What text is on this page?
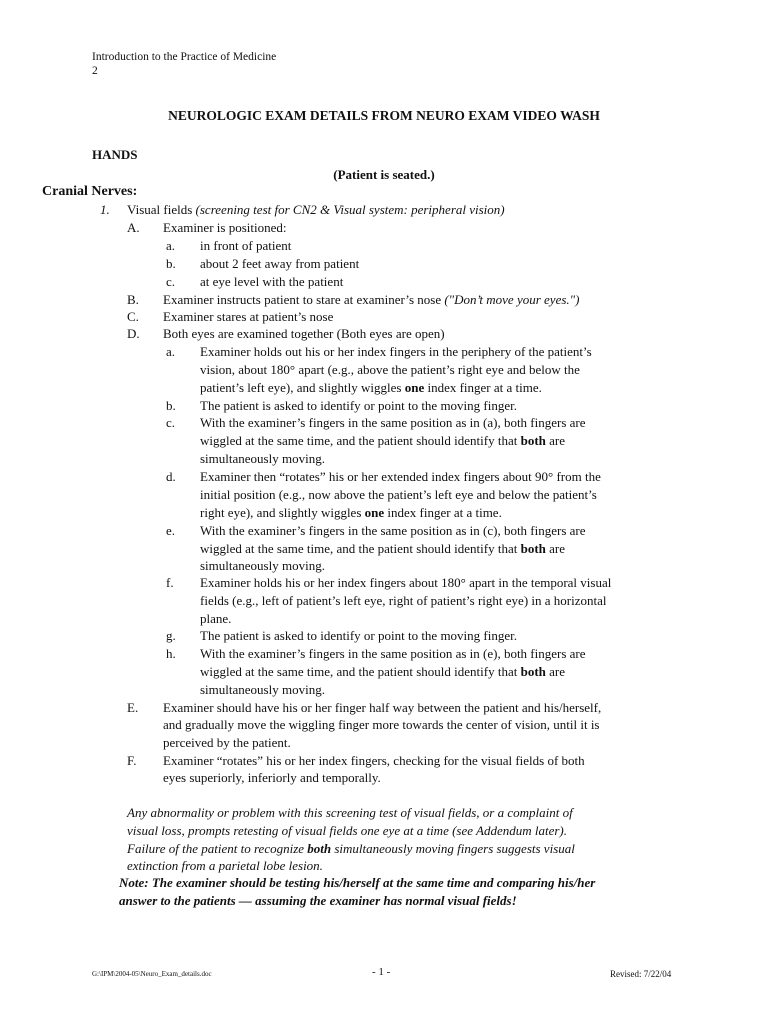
Introduction to the Practice of Medicine
2
NEUROLOGIC EXAM DETAILS FROM NEURO EXAM VIDEO WASH
HANDS
(Patient is seated.)
Cranial Nerves:
1. Visual fields (screening test for CN2 & Visual system: peripheral vision)
A. Examiner is positioned:
a. in front of patient
b. about 2 feet away from patient
c. at eye level with the patient
B. Examiner instructs patient to stare at examiner’s nose ("Don’t move your eyes.")
C. Examiner stares at patient’s nose
D. Both eyes are examined together (Both eyes are open)
a. Examiner holds out his or her index fingers in the periphery of the patient’s
vision, about 180° apart (e.g., above the patient’s right eye and below the
patient’s left eye), and slightly wiggles one index finger at a time.
b. The patient is asked to identify or point to the moving finger.
c. With the examiner’s fingers in the same position as in (a), both fingers are
wiggled at the same time, and the patient should identify that both are
simultaneously moving.
d. Examiner then “rotates” his or her extended index fingers about 90° from the
initial position (e.g., now above the patient’s left eye and below the patient’s
right eye), and slightly wiggles one index finger at a time.
e. With the examiner’s fingers in the same position as in (c), both fingers are
wiggled at the same time, and the patient should identify that both are
simultaneously moving.
f. Examiner holds his or her index fingers about 180° apart in the temporal visual
fields (e.g., left of patient’s left eye, right of patient’s right eye) in a horizontal
plane.
g. The patient is asked to identify or point to the moving finger.
h. With the examiner’s fingers in the same position as in (e), both fingers are
wiggled at the same time, and the patient should identify that both are
simultaneously moving.
E. Examiner should have his or her finger half way between the patient and his/herself,
and gradually move the wiggling finger more towards the center of vision, until it is
perceived by the patient.
F. Examiner “rotates” his or her index fingers, checking for the visual fields of both
eyes superiorly, inferiorly and temporally.
Any abnormality or problem with this screening test of visual fields, or a complaint of
visual loss, prompts retesting of visual fields one eye at a time (see Addendum later).
Failure of the patient to recognize both simultaneously moving fingers suggests visual
extinction from a parietal lobe lesion.
Note: The examiner should be testing his/herself at the same time and comparing his/her
answer to the patients — assuming the examiner has normal visual fields!
G:\IPM\2004-05\Neuro_Exam_details.doc	- 1 -	Revised: 7/22/04
